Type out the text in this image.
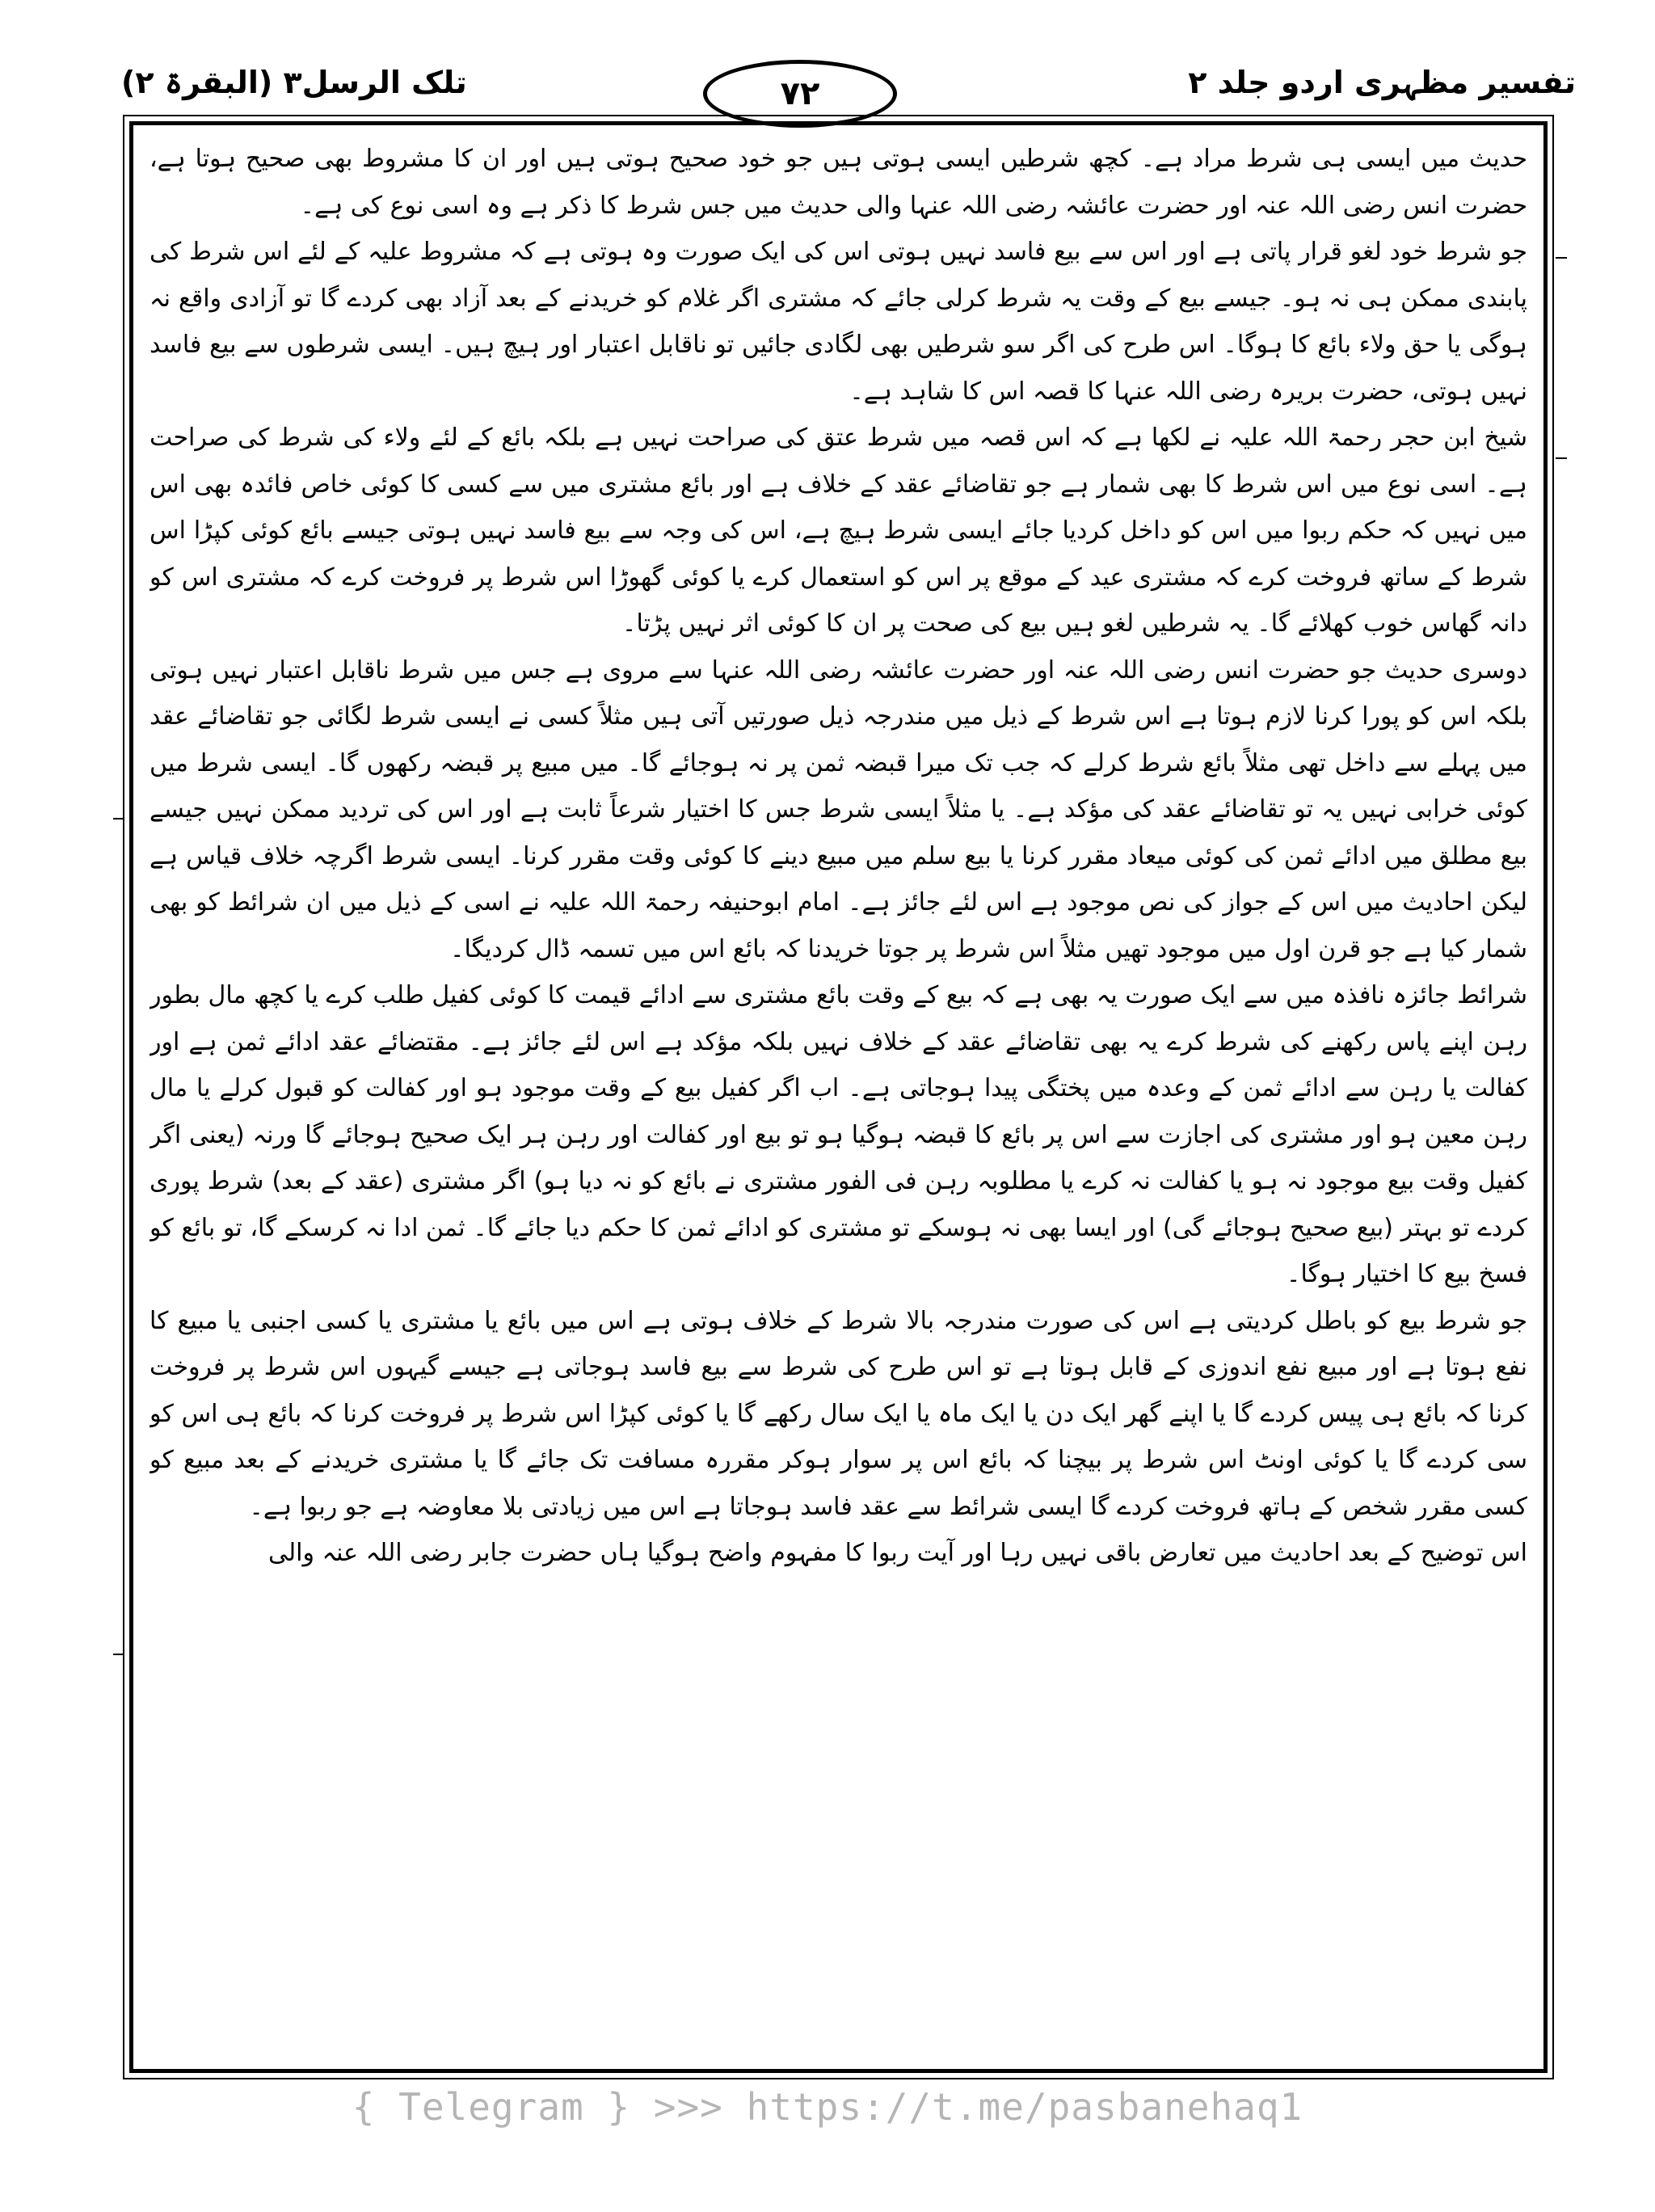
تفسیر مظہری اردو جلد ۲
۷۲
تلک الرسل۳ (البقرۃ ۲)

حدیث میں ایسی ہی شرط مراد ہے۔ کچھ شرطیں ایسی ہوتی ہیں جو خود صحیح ہوتی ہیں اور ان کا مشروط بھی صحیح ہوتا ہے، حضرت انس رضی اللہ عنہ اور حضرت عائشہ رضی اللہ عنہا والی حدیث میں جس شرط کا ذکر ہے وہ اسی نوع کی ہے۔

جو شرط خود لغو قرار پاتی ہے اور اس سے بیع فاسد نہیں ہوتی اس کی ایک صورت وہ ہوتی ہے کہ مشروط علیہ کے لئے اس شرط کی پابندی ممکن ہی نہ ہو۔ جیسے بیع کے وقت یہ شرط کرلی جائے کہ مشتری اگر غلام کو خریدنے کے بعد آزاد بھی کردے گا تو آزادی واقع نہ ہوگی یا حق ولاء بائع کا ہوگا۔ اس طرح کی اگر سو شرطیں بھی لگادی جائیں تو ناقابل اعتبار اور ہیچ ہیں۔ ایسی شرطوں سے بیع فاسد نہیں ہوتی، حضرت بریرہ رضی اللہ عنہا کا قصہ اس کا شاہد ہے۔

شیخ ابن حجر رحمۃ اللہ علیہ نے لکھا ہے کہ اس قصہ میں شرط عتق کی صراحت نہیں ہے بلکہ بائع کے لئے ولاء کی شرط کی صراحت ہے۔ اسی نوع میں اس شرط کا بھی شمار ہے جو تقاضائے عقد کے خلاف ہے اور بائع مشتری میں سے کسی کا کوئی خاص فائدہ بھی اس میں نہیں کہ حکم ربوا میں اس کو داخل کردیا جائے ایسی شرط ہیچ ہے، اس کی وجہ سے بیع فاسد نہیں ہوتی جیسے بائع کوئی کپڑا اس شرط کے ساتھ فروخت کرے کہ مشتری عید کے موقع پر اس کو استعمال کرے یا کوئی گھوڑا اس شرط پر فروخت کرے کہ مشتری اس کو دانہ گھاس خوب کھلائے گا۔ یہ شرطیں لغو ہیں بیع کی صحت پر ان کا کوئی اثر نہیں پڑتا۔

دوسری حدیث جو حضرت انس رضی اللہ عنہ اور حضرت عائشہ رضی اللہ عنہا سے مروی ہے جس میں شرط ناقابل اعتبار نہیں ہوتی بلکہ اس کو پورا کرنا لازم ہوتا ہے اس شرط کے ذیل میں مندرجہ ذیل صورتیں آتی ہیں مثلاً کسی نے ایسی شرط لگائی جو تقاضائے عقد میں پہلے سے داخل تھی مثلاً بائع شرط کرلے کہ جب تک میرا قبضہ ثمن پر نہ ہوجائے گا۔ میں مبیع پر قبضہ رکھوں گا۔ ایسی شرط میں کوئی خرابی نہیں یہ تو تقاضائے عقد کی مؤکد ہے۔ یا مثلاً ایسی شرط جس کا اختیار شرعاً ثابت ہے اور اس کی تردید ممکن نہیں جیسے بیع مطلق میں ادائے ثمن کی کوئی میعاد مقرر کرنا یا بیع سلم میں مبیع دینے کا کوئی وقت مقرر کرنا۔ ایسی شرط اگرچہ خلاف قیاس ہے لیکن احادیث میں اس کے جواز کی نص موجود ہے اس لئے جائز ہے۔ امام ابوحنیفہ رحمۃ اللہ علیہ نے اسی کے ذیل میں ان شرائط کو بھی شمار کیا ہے جو قرن اول میں موجود تھیں مثلاً اس شرط پر جوتا خریدنا کہ بائع اس میں تسمہ ڈال کردیگا۔

شرائط جائزہ نافذہ میں سے ایک صورت یہ بھی ہے کہ بیع کے وقت بائع مشتری سے ادائے قیمت کا کوئی کفیل طلب کرے یا کچھ مال بطور رہن اپنے پاس رکھنے کی شرط کرے یہ بھی تقاضائے عقد کے خلاف نہیں بلکہ مؤکد ہے اس لئے جائز ہے۔ مقتضائے عقد ادائے ثمن ہے اور کفالت یا رہن سے ادائے ثمن کے وعدہ میں پختگی پیدا ہوجاتی ہے۔ اب اگر کفیل بیع کے وقت موجود ہو اور کفالت کو قبول کرلے یا مال رہن معین ہو اور مشتری کی اجازت سے اس پر بائع کا قبضہ ہوگیا ہو تو بیع اور کفالت اور رہن ہر ایک صحیح ہوجائے گا ورنہ (یعنی اگر کفیل وقت بیع موجود نہ ہو یا کفالت نہ کرے یا مطلوبہ رہن فی الفور مشتری نے بائع کو نہ دیا ہو) اگر مشتری (عقد کے بعد) شرط پوری کردے تو بہتر (بیع صحیح ہوجائے گی) اور ایسا بھی نہ ہوسکے تو مشتری کو ادائے ثمن کا حکم دیا جائے گا۔ ثمن ادا نہ کرسکے گا، تو بائع کو فسخ بیع کا اختیار ہوگا۔

جو شرط بیع کو باطل کردیتی ہے اس کی صورت مندرجہ بالا شرط کے خلاف ہوتی ہے اس میں بائع یا مشتری یا کسی اجنبی یا مبیع کا نفع ہوتا ہے اور مبیع نفع اندوزی کے قابل ہوتا ہے تو اس طرح کی شرط سے بیع فاسد ہوجاتی ہے جیسے گیہوں اس شرط پر فروخت کرنا کہ بائع ہی پیس کردے گا یا اپنے گھر ایک دن یا ایک ماہ یا ایک سال رکھے گا یا کوئی کپڑا اس شرط پر فروخت کرنا کہ بائع ہی اس کو سی کردے گا یا کوئی اونٹ اس شرط پر بیچنا کہ بائع اس پر سوار ہوکر مقررہ مسافت تک جائے گا یا مشتری خریدنے کے بعد مبیع کو کسی مقرر شخص کے ہاتھ فروخت کردے گا ایسی شرائط سے عقد فاسد ہوجاتا ہے اس میں زیادتی بلا معاوضہ ہے جو ربوا ہے۔

اس توضیح کے بعد احادیث میں تعارض باقی نہیں رہا اور آیت ربوا کا مفہوم واضح ہوگیا ہاں حضرت جابر رضی اللہ عنہ والی

{ Telegram } >>> https://t.me/pasbanehaq1
